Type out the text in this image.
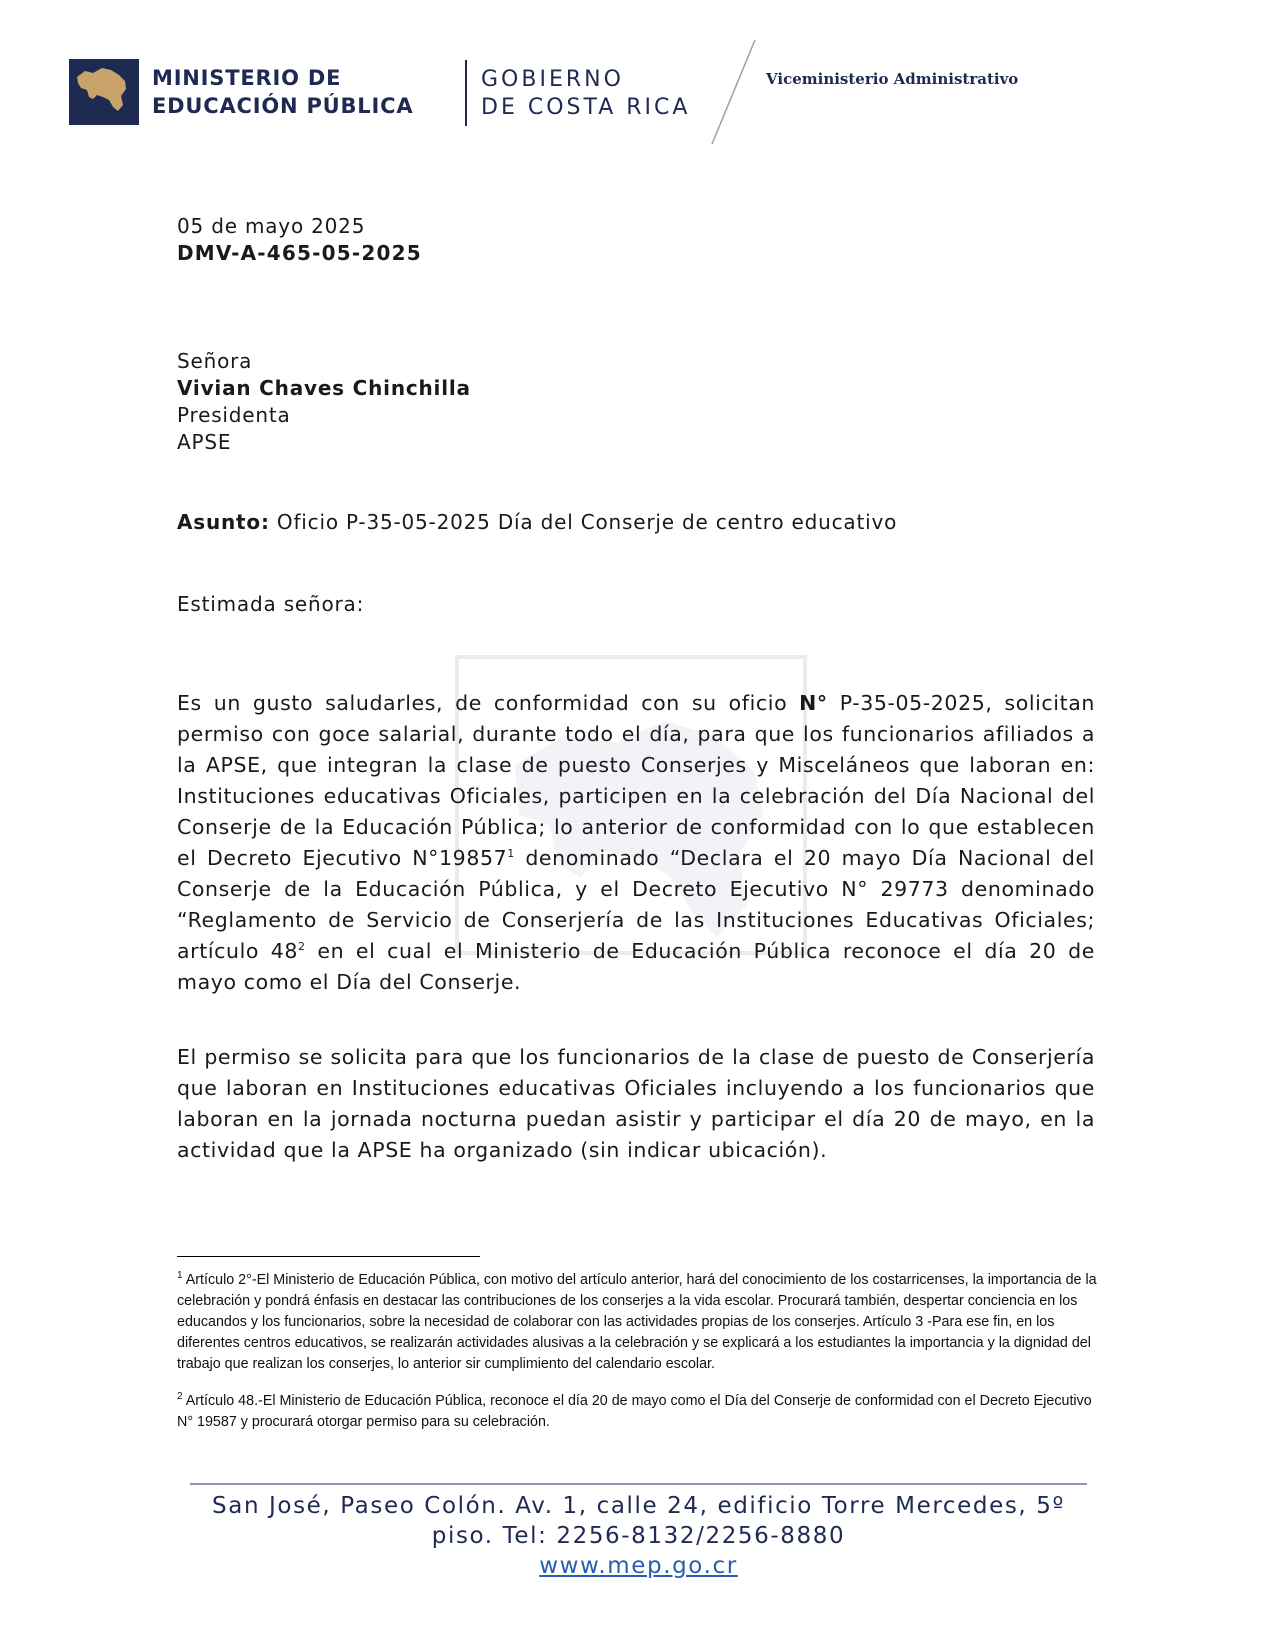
MINISTERIO DE
EDUCACIÓN PÚBLICA
GOBIERNO
DE COSTA RICA
Viceministerio Administrativo
05 de mayo 2025
DMV-A-465-05-2025
Señora
Vivian Chaves Chinchilla
Presidenta
APSE
Asunto: Oficio P-35-05-2025 Día del Conserje de centro educativo
Estimada señora:

Es un gusto saludarles, de conformidad con su oficio N° P-35-05-2025, solicitan permiso con goce salarial, durante todo el día, para que los funcionarios afiliados a la APSE, que integran la clase de puesto Conserjes y Misceláneos que laboran en: Instituciones educativas Oficiales, participen en la celebración del Día Nacional del Conserje de la Educación Pública; lo anterior de conformidad con lo que establecen el Decreto Ejecutivo N°19857$^1$ denominado “Declara el 20 mayo Día Nacional del Conserje de la Educación Pública, y el Decreto Ejecutivo N° 29773 denominado “Reglamento de Servicio de Conserjería de las Instituciones Educativas Oficiales; artículo $48^2$ en el cual el Ministerio de Educación Pública reconoce el día 20 de mayo como el Día del Conserje.

El permiso se solicita para que los funcionarios de la clase de puesto de Conserjería que laboran en Instituciones educativas Oficiales incluyendo a los funcionarios que laboran en la jornada nocturna puedan asistir y participar el día 20 de mayo, en la actividad que la APSE ha organizado (sin indicar ubicación).

$^1$ Artículo 2°-El Ministerio de Educación Pública, con motivo del artículo anterior, hará del conocimiento de los costarricenses, la importancia de la celebración y pondrá énfasis en destacar las contribuciones de los conserjes a la vida escolar. Procurará también, despertar conciencia en los educandos y los funcionarios, sobre la necesidad de colaborar con las actividades propias de los conserjes. Artículo 3 -Para ese fin, en los diferentes centros educativos, se realizarán actividades alusivas a la celebración y se explicará a los estudiantes la importancia y la dignidad del trabajo que realizan los conserjes, lo anterior sir cumplimiento del calendario escolar.

$^2$ Artículo 48.-El Ministerio de Educación Pública, reconoce el día 20 de mayo como el Día del Conserje de conformidad con el Decreto Ejecutivo N° 19587 y procurará otorgar permiso para su celebración.

San José, Paseo Colón. Av. 1, calle 24, edificio Torre Mercedes, 5º
piso. Tel: 2256-8132/2256-8880
www.mep.go.cr
